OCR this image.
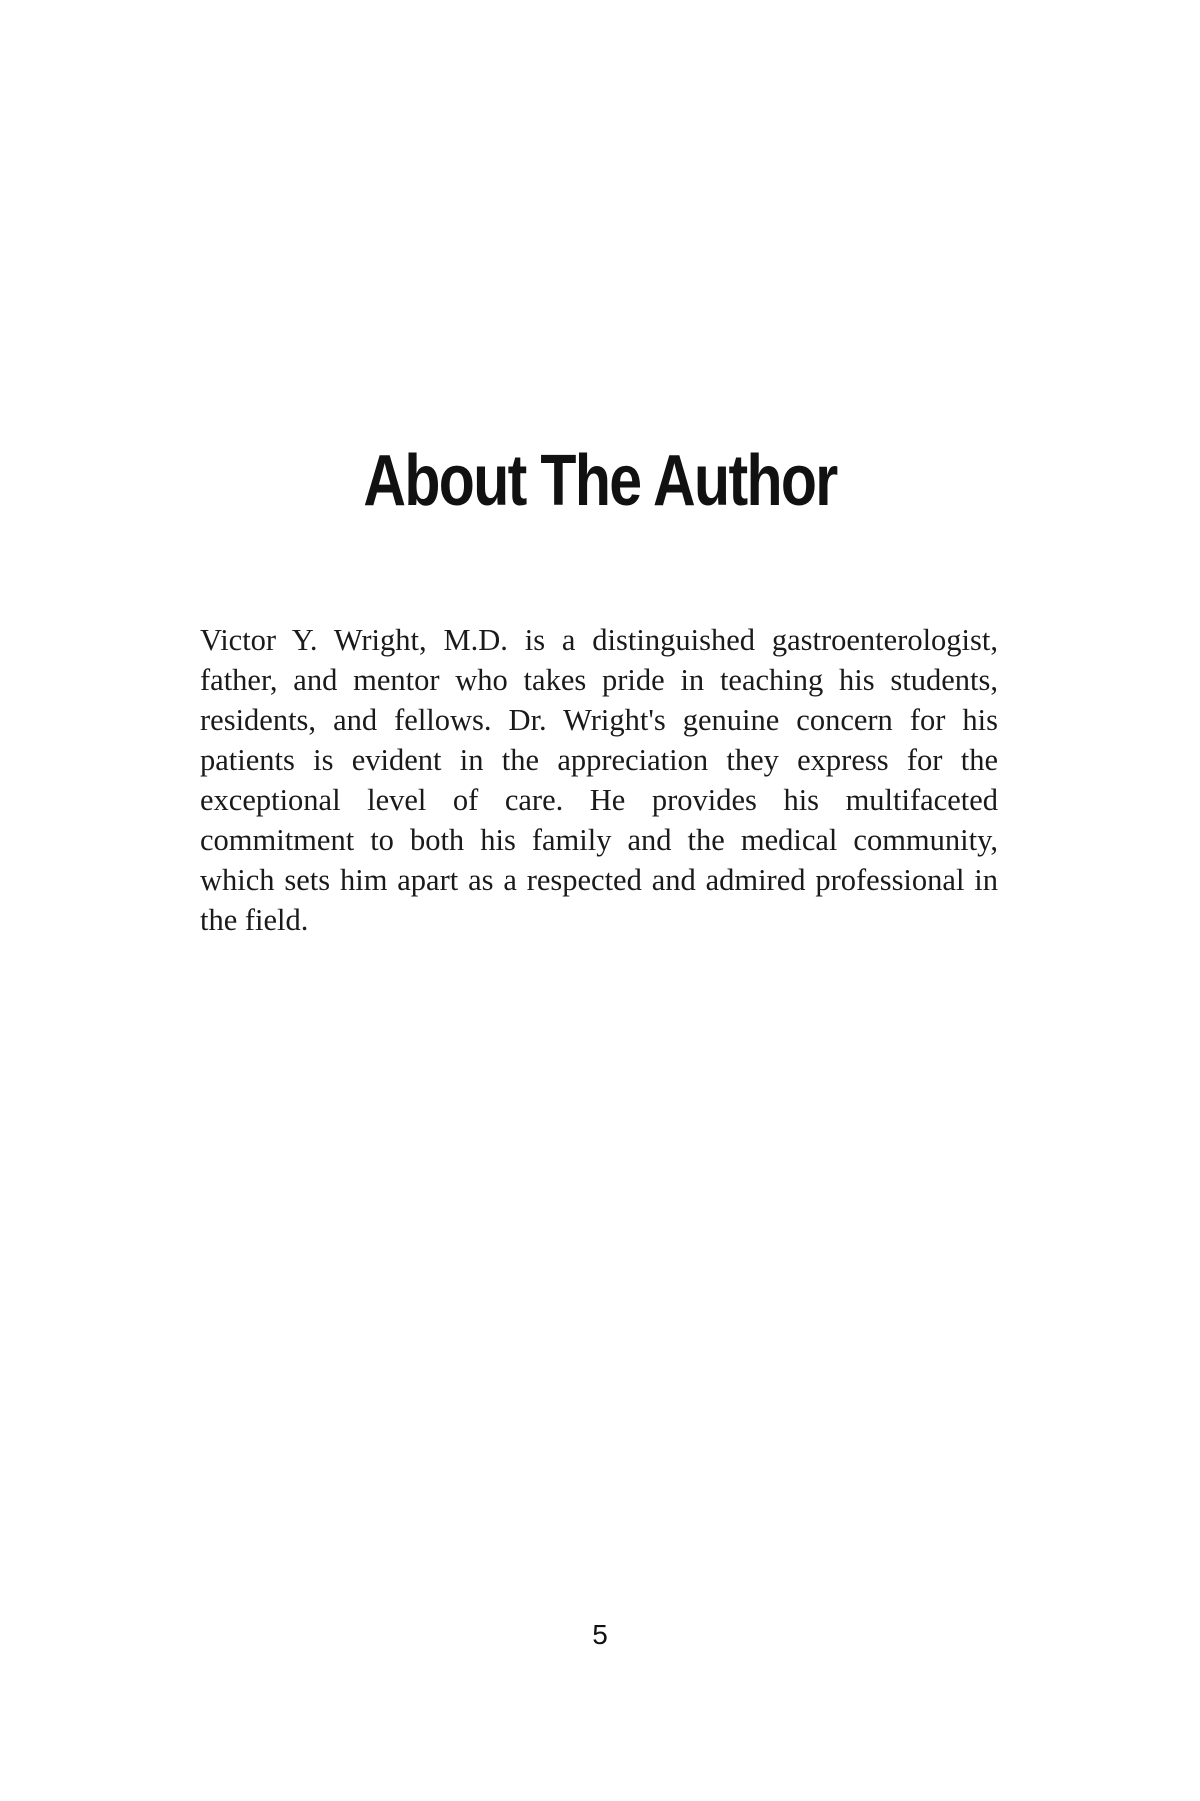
About The Author

Victor Y. Wright, M.D. is a distinguished gastroenterologist, father, and mentor who takes pride in teaching his students, residents, and fellows. Dr. Wright's genuine concern for his patients is evident in the appreciation they express for the exceptional level of care. He provides his multifaceted commitment to both his family and the medical community, which sets him apart as a respected and admired professional in the field.

5
